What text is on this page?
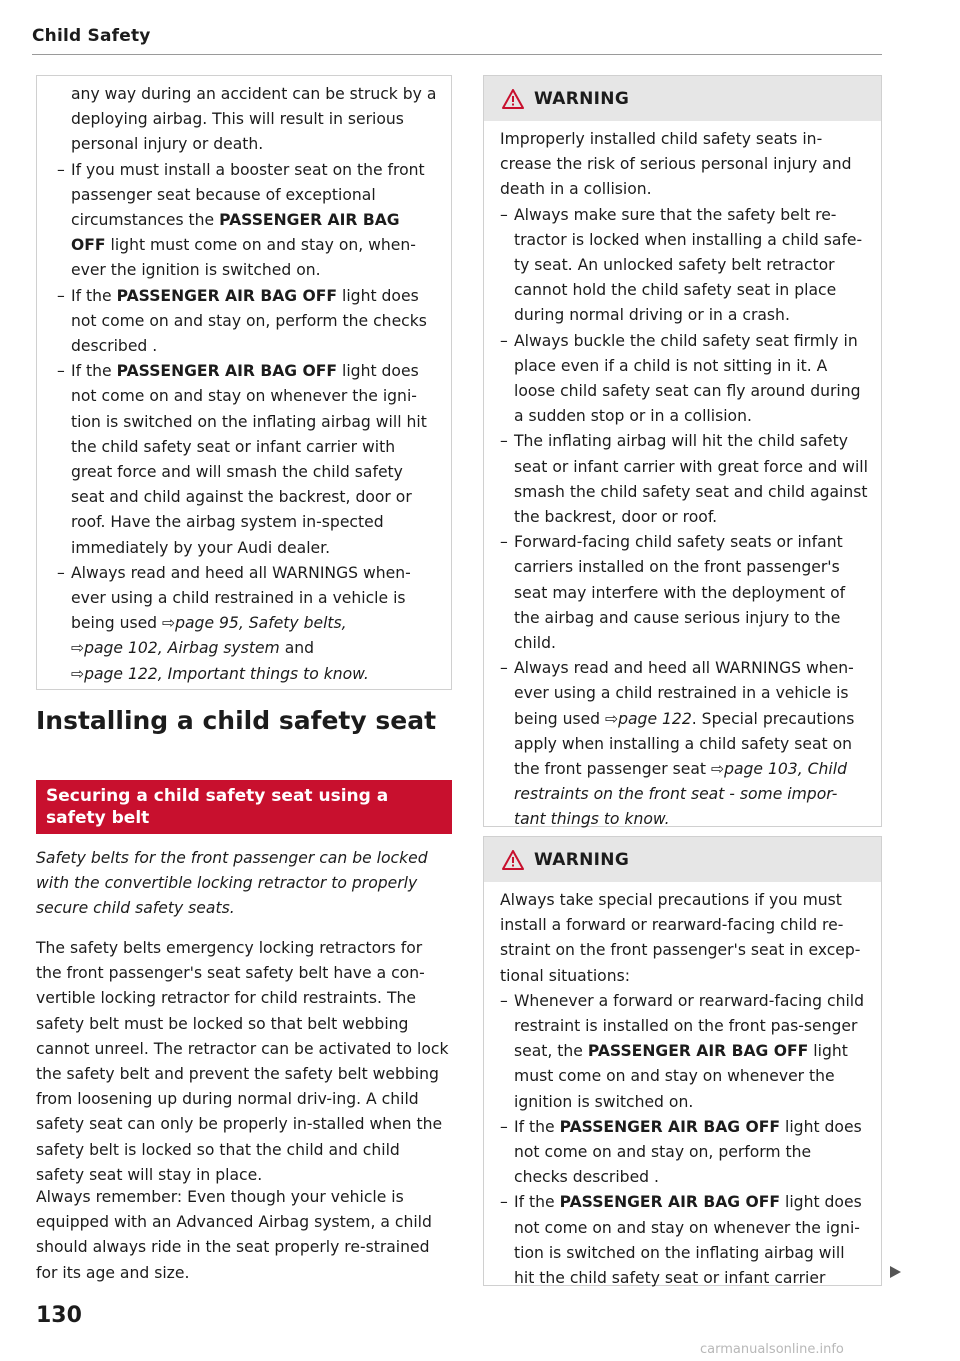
Child Safety
any way during an accident can be struck by a deploying airbag. This will result in serious personal injury or death.
– If you must install a booster seat on the front passenger seat because of exceptional circumstances the PASSENGER AIR BAG OFF light must come on and stay on, when-ever the ignition is switched on.
– If the PASSENGER AIR BAG OFF light does not come on and stay on, perform the checks described .
– If the PASSENGER AIR BAG OFF light does not come on and stay on whenever the igni-tion is switched on the inflating airbag will hit the child safety seat or infant carrier with great force and will smash the child safety seat and child against the backrest, door or roof. Have the airbag system in-spected immediately by your Audi dealer.
– Always read and heed all WARNINGS when-ever using a child restrained in a vehicle is being used ⇨page 95, Safety belts,
⇨page 102, Airbag system and
⇨page 122, Important things to know.
Installing a child safety seat
Securing a child safety seat using a safety belt
Safety belts for the front passenger can be locked with the convertible locking retractor to properly secure child safety seats.
The safety belts emergency locking retractors for the front passenger's seat safety belt have a con-vertible locking retractor for child restraints. The safety belt must be locked so that belt webbing cannot unreel. The retractor can be activated to lock the safety belt and prevent the safety belt webbing from loosening up during normal driv-ing. A child safety seat can only be properly in-stalled when the safety belt is locked so that the child and child safety seat will stay in place.
Always remember: Even though your vehicle is equipped with an Advanced Airbag system, a child should always ride in the seat properly re-strained for its age and size.
WARNING

Improperly installed child safety seats in-crease the risk of serious personal injury and death in a collision.

– Always make sure that the safety belt re-tractor is locked when installing a child safe-ty seat. An unlocked safety belt retractor cannot hold the child safety seat in place during normal driving or in a crash.
– Always buckle the child safety seat firmly in place even if a child is not sitting in it. A loose child safety seat can fly around during a sudden stop or in a collision.
– The inflating airbag will hit the child safety seat or infant carrier with great force and will smash the child safety seat and child against the backrest, door or roof.
– Forward-facing child safety seats or infant carriers installed on the front passenger's seat may interfere with the deployment of the airbag and cause serious injury to the child.
– Always read and heed all WARNINGS when-ever using a child restrained in a vehicle is being used ⇨page 122. Special precautions apply when installing a child safety seat on the front passenger seat ⇨page 103, Child restraints on the front seat - some impor-tant things to know.
WARNING

Always take special precautions if you must install a forward or rearward-facing child re-straint on the front passenger's seat in excep-tional situations:

– Whenever a forward or rearward-facing child restraint is installed on the front pas-senger seat, the PASSENGER AIR BAG OFF light must come on and stay on whenever the ignition is switched on.
– If the PASSENGER AIR BAG OFF light does not come on and stay on, perform the checks described .
– If the PASSENGER AIR BAG OFF light does not come on and stay on whenever the igni-tion is switched on the inflating airbag will hit the child safety seat or infant carrier
130
carmanualsonline.info
